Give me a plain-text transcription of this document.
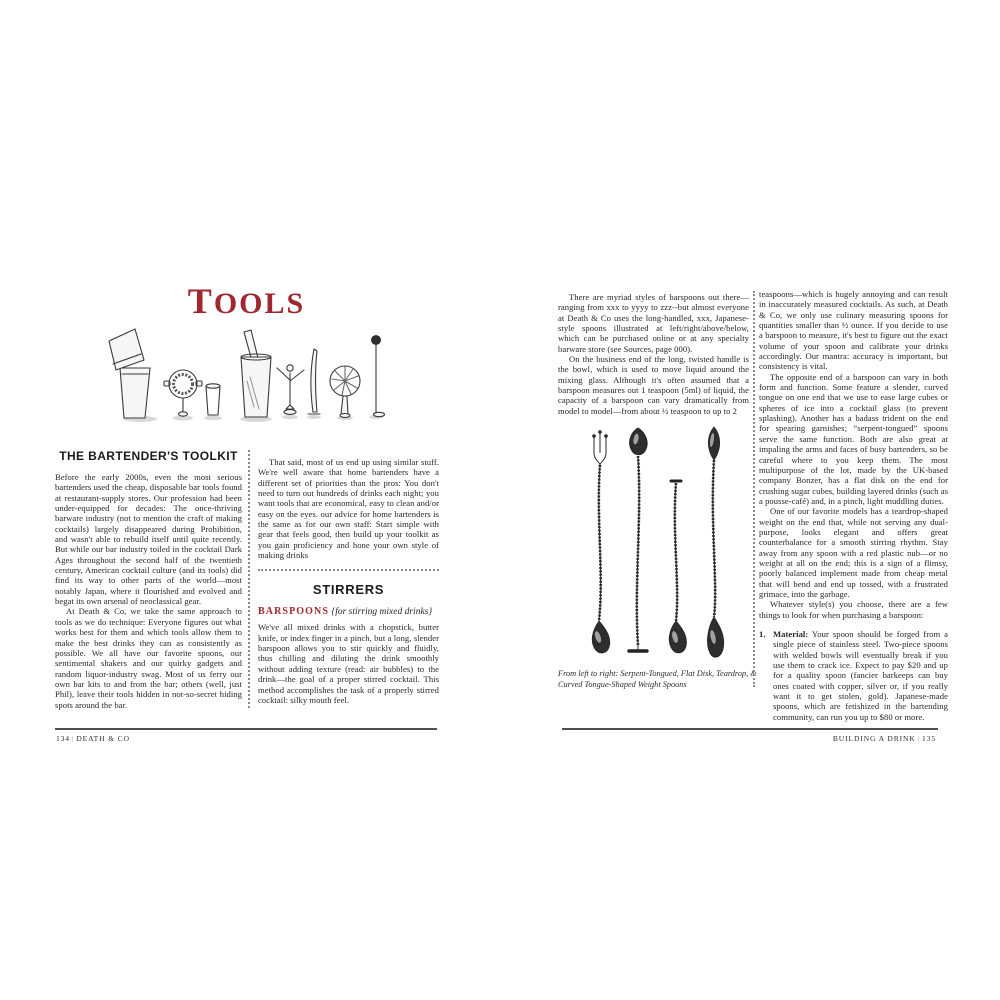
TOOLS
THE BARTENDER'S TOOLKIT

Before the early 2000s, even the most serious bartenders used the cheap, disposable bar tools found at restaurant-supply stores. Our profession had been under-equipped for decades: The once-thriving barware industry (not to mention the craft of making cocktails) largely disappeared during Prohibition, and wasn't able to rebuild itself until quite recently. But while our bar industry toiled in the cocktail Dark Ages throughout the second half of the twentieth century, American cocktail culture (and its tools) did find its way to other parts of the world—most notably Japan, where it flourished and evolved and begat its own arsenal of neoclassical gear.

At Death & Co, we take the same approach to tools as we do technique: Everyone figures out what works best for them and which tools allow them to make the best drinks they can as consistently as possible. We all have our favorite spoons, our sentimental shakers and our quirky gadgets and random liquor-industry swag. Most of us ferry our own bar kits to and from the bar; others (well, just Phil), leave their tools hidden in not-so-secret hiding spots around the bar.

That said, most of us end up using similar stuff. We're well aware that home bartenders have a different set of priorities than the pros: You don't need to turn out hundreds of drinks each night; you want tools that are economical, easy to clean and/or easy on the eyes. our advice for home bartenders is the same as for our own staff: Start simple with gear that feels good, then build up your toolkit as you gain proficiency and hone your own style of making drinks

STIRRERS

BARSPOONS {for stirring mixed drinks}

We've all mixed drinks with a chopstick, butter knife, or index finger in a pinch, but a long, slender barspoon allows you to stir quickly and fluidly, thus chilling and diluting the drink smoothly without adding texture (read: air bubbles) to the drink—the goal of a proper stirred cocktail. This method accomplishes the task of a properly stirred cocktail: silky mouth feel.

134 | DEATH & CO

There are myriad styles of barspoons out there—ranging from xxx to yyyy to zzz--but almost everyone at Death & Co uses the long-handled, xxx, Japanese-style spoons illustrated at left/right/above/below, which can be purchased online or at any specialty barware store (see Sources, page 000).

On the business end of the long, twisted handle is the bowl, which is used to move liquid around the mixing glass. Although it's often assumed that a barspoon measures out 1 teaspoon (5ml) of liquid, the capacity of a barspoon can vary dramatically from model to model—from about ½ teaspoon to up to 2

From left to right: Serpent-Tongued, Flat Disk, Teardrop, & Curved Tongue-Shaped Weight Spoons

teaspoons—which is hugely annoying and can result in inaccurately measured cocktails. As such, at Death & Co, we only use culinary measuring spoons for quantities smaller than ½ ounce. If you decide to use a barspoon to measure, it's best to figure out the exact volume of your spoon and calibrate your drinks accordingly. Our mantra: accuracy is important, but consistency is vital.

The opposite end of a barspoon can vary in both form and function. Some feature a slender, curved tongue on one end that we use to ease large cubes or spheres of ice into a cocktail glass (to prevent splashing). Another has a badass trident on the end for spearing garnishes; “serpent-tongued” spoons serve the same function. Both are also great at impaling the arms and faces of busy bartenders, so be careful where to you keep them. The most multipurpose of the lot, made by the UK-based company Bonzer, has a flat disk on the end for crushing sugar cubes, building layered drinks (such as a pousse-café) and, in a pinch, light muddling duties.

One of our favorite models has a teardrop-shaped weight on the end that, while not serving any dual-purpose, looks elegant and offers great counterbalance for a smooth stirring rhythm. Stay away from any spoon with a red plastic nub—or no weight at all on the end; this is a sign of a flimsy, poorly balanced implement made from cheap metal that will bend and end up tossed, with a frustrated grimace, into the garbage.

Whatever style(s) you choose, there are a few things to look for when purchasing a barspoon:

1. Material: Your spoon should be forged from a single piece of stainless steel. Two-piece spoons with welded bowls will eventually break if you use them to crack ice. Expect to pay $20 and up for a quality spoon (fancier barkeeps can buy ones coated with copper, silver or, if you really want it to get stolen, gold). Japanese-made spoons, which are fetishized in the bartending community, can run you up to $80 or more.
BUILDING A DRINK | 135
